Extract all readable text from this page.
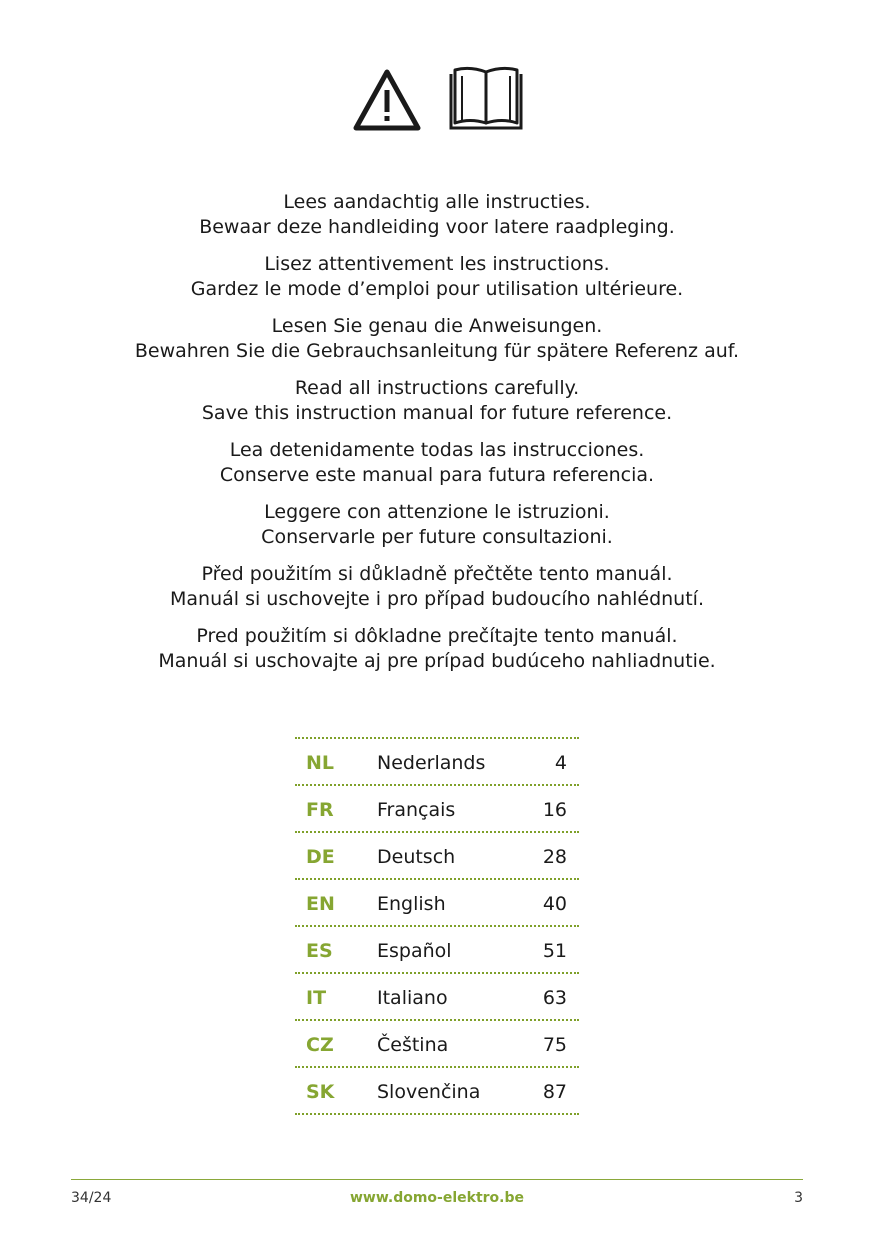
Lees aandachtig alle instructies.
Bewaar deze handleiding voor latere raadpleging.
Lisez attentivement les instructions.
Gardez le mode d’emploi pour utilisation ultérieure.
Lesen Sie genau die Anweisungen.
Bewahren Sie die Gebrauchsanleitung für spätere Referenz auf.
Read all instructions carefully.
Save this instruction manual for future reference.
Lea detenidamente todas las instrucciones.
Conserve este manual para futura referencia.
Leggere con attenzione le istruzioni.
Conservarle per future consultazioni.
Před použitím si důkladně přečtěte tento manuál.
Manuál si uschovejte i pro případ budoucího nahlédnutí.
Pred použitím si dôkladne prečítajte tento manuál.
Manuál si uschovajte aj pre prípad budúceho nahliadnutie.
NL Nederlands	4
FR Français	16
DE Deutsch	28
EN English	40
ES Español	51
IT	Italiano	63
CZ Čeština	75
SK Slovenčina	87
34/24	www.domo-elektro.be	3
